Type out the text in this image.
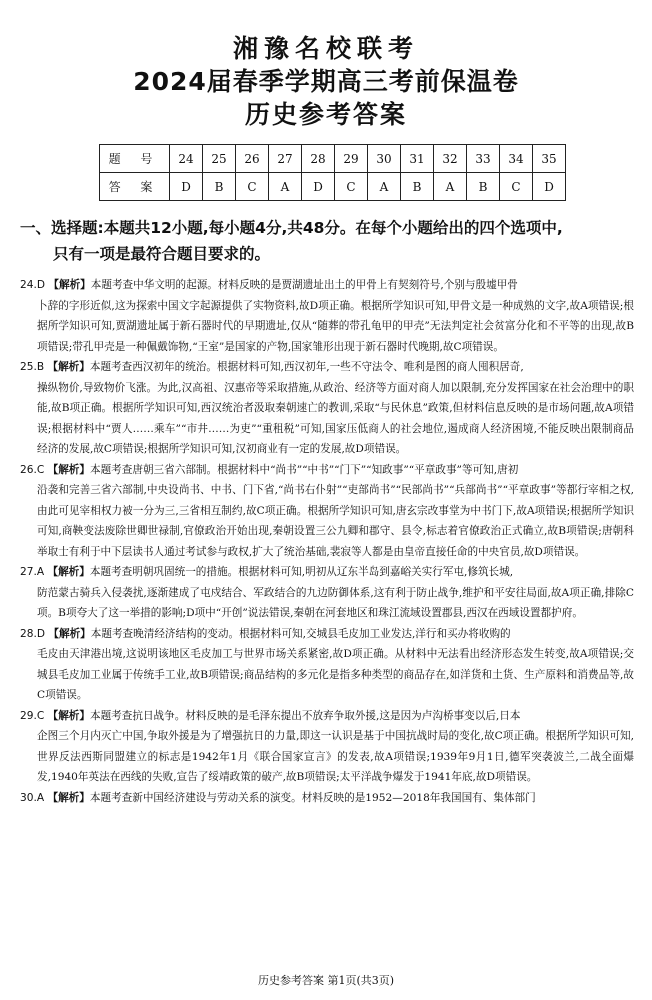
湘豫名校联考
2024届春季学期高三考前保温卷
历史参考答案
题 号	24	25	26	27	28	29	30	31	32	33	34	35
答 案	D	B	C	A	D	C	A	B	A	B	C	D
一、选择题:本题共12小题,每小题4分,共48分。在每个小题给出的四个选项中,
只有一项是最符合题目要求的。

24.D 【解析】本题考查中华文明的起源。材料反映的是贾湖遗址出土的甲骨上有契刻符号,个别与殷墟甲骨
卜辞的字形近似,这为探索中国文字起源提供了实物资料,故D项正确。根据所学知识可知,甲骨文是一种成熟的文字,故A项错误;根据所学知识可知,贾湖遗址属于新石器时代的早期遗址,仅从“随葬的带孔龟甲的甲壳”无法判定社会贫富分化和不平等的出现,故B项错误;带孔甲壳是一种佩戴饰物,“王室”是国家的产物,国家雏形出现于新石器时代晚期,故C项错误。

25.B 【解析】本题考查西汉初年的统治。根据材料可知,西汉初年,一些不守法令、唯利是图的商人囤积居奇,
操纵物价,导致物价飞涨。为此,汉高祖、汉惠帝等采取措施,从政治、经济等方面对商人加以限制,充分发挥国家在社会治理中的职能,故B项正确。根据所学知识可知,西汉统治者汲取秦朝速亡的教训,采取“与民休息”政策,但材料信息反映的是市场问题,故A项错误;根据材料中“贾人……乘车”“市井……为吏”“重租税”可知,国家压低商人的社会地位,遏成商人经济困境,不能反映出限制商品经济的发展,故C项错误;根据所学知识可知,汉初商业有一定的发展,故D项错误。

26.C 【解析】本题考查唐朝三省六部制。根据材料中“尚书”“中书”“门下”“知政事”“平章政事”等可知,唐初
沿袭和完善三省六部制,中央设尚书、中书、门下省,“尚书右仆射”“吏部尚书”“民部尚书”“兵部尚书”“平章政事”等都行宰相之权,由此可见宰相权力被一分为三,三省相互制约,故C项正确。根据所学知识可知,唐玄宗改事堂为中书门下,故A项错误;根据所学知识可知,商鞅变法废除世卿世禄制,官僚政治开始出现,秦朝设置三公九卿和郡守、县令,标志着官僚政治正式确立,故B项错误;唐朝科举取士有利于中下层读书人通过考试参与政权,扩大了统治基础,裴寂等人都是由皇帝直接任命的中央官员,故D项错误。

27.A 【解析】本题考查明朝巩固统一的措施。根据材料可知,明初从辽东半岛到嘉峪关实行军屯,修筑长城,
防范蒙古骑兵入侵袭扰,逐渐建成了屯戍结合、军政结合的九边防御体系,这有利于防止战争,维护和平安往局面,故A项正确,排除C项。B项夸大了这一举措的影响;D项中“开创”说法错误,秦朝在河套地区和珠江流域设置郡县,西汉在西域设置都护府。

28.D 【解析】本题考查晚清经济结构的变动。根据材料可知,交城县毛皮加工业发达,洋行和买办将收购的
毛皮由天津港出境,这说明该地区毛皮加工与世界市场关系紧密,故D项正确。从材料中无法看出经济形态发生转变,故A项错误;交城县毛皮加工业属于传统手工业,故B项错误;商品结构的多元化是指多种类型的商品存在,如洋货和土货、生产原料和消费品等,故C项错误。

29.C 【解析】本题考查抗日战争。材料反映的是毛泽东提出不放弃争取外援,这是因为卢沟桥事变以后,日本
企图三个月内灭亡中国,争取外援是为了增强抗日的力量,即这一认识是基于中国抗战时局的变化,故C项正确。根据所学知识可知,世界反法西斯同盟建立的标志是1942年1月《联合国家宣言》的发表,故A项错误;1939年9月1日,德军突袭波兰,二战全面爆发,1940年英法在西线的失败,宣告了绥靖政策的破产,故B项错误;太平洋战争爆发于1941年底,故D项错误。

30.A 【解析】本题考查新中国经济建设与劳动关系的演变。材料反映的是1952—2018年我国国有、集体部门

历史参考答案 第1页(共3页)
